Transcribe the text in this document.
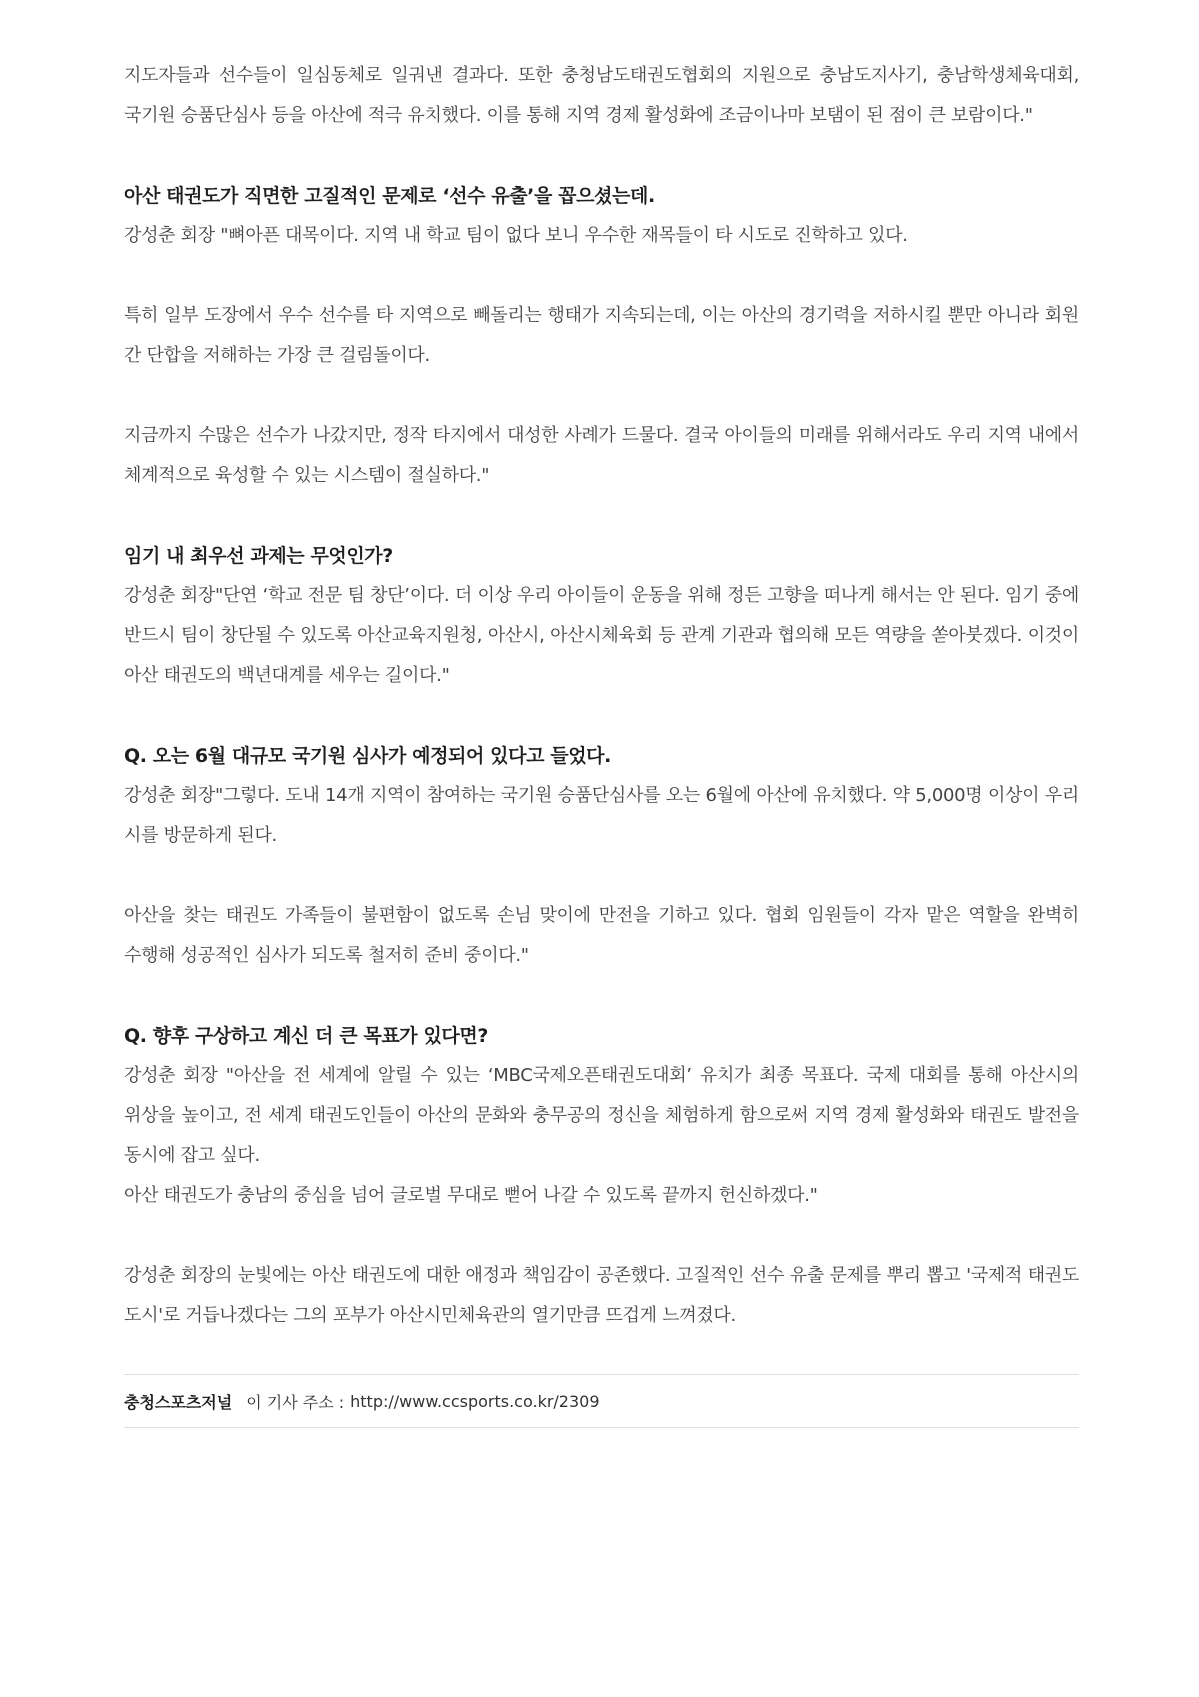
지도자들과 선수들이 일심동체로 일궈낸 결과다. 또한 충청남도태권도협회의 지원으로 충남도지사기, 충남학생체육대회, 국기원 승품단심사 등을 아산에 적극 유치했다. 이를 통해 지역 경제 활성화에 조금이나마 보탬이 된 점이 큰 보람이다."

아산 태권도가 직면한 고질적인 문제로 ‘선수 유출’을 꼽으셨는데.

강성춘 회장 "뼈아픈 대목이다. 지역 내 학교 팀이 없다 보니 우수한 재목들이 타 시도로 진학하고 있다.

특히 일부 도장에서 우수 선수를 타 지역으로 빼돌리는 행태가 지속되는데, 이는 아산의 경기력을 저하시킬 뿐만 아니라 회원 간 단합을 저해하는 가장 큰 걸림돌이다.

지금까지 수많은 선수가 나갔지만, 정작 타지에서 대성한 사례가 드물다. 결국 아이들의 미래를 위해서라도 우리 지역 내에서 체계적으로 육성할 수 있는 시스템이 절실하다."

임기 내 최우선 과제는 무엇인가?

강성춘 회장"단연 ‘학교 전문 팀 창단’이다. 더 이상 우리 아이들이 운동을 위해 정든 고향을 떠나게 해서는 안 된다. 임기 중에 반드시 팀이 창단될 수 있도록 아산교육지원청, 아산시, 아산시체육회 등 관계 기관과 협의해 모든 역량을 쏟아붓겠다. 이것이 아산 태권도의 백년대계를 세우는 길이다."

Q. 오는 6월 대규모 국기원 심사가 예정되어 있다고 들었다.

강성춘 회장"그렇다. 도내 14개 지역이 참여하는 국기원 승품단심사를 오는 6월에 아산에 유치했다. 약 5,000명 이상이 우리 시를 방문하게 된다.

아산을 찾는 태권도 가족들이 불편함이 없도록 손님 맞이에 만전을 기하고 있다. 협회 임원들이 각자 맡은 역할을 완벽히 수행해 성공적인 심사가 되도록 철저히 준비 중이다."

Q. 향후 구상하고 계신 더 큰 목표가 있다면?

강성춘 회장 "아산을 전 세계에 알릴 수 있는 ‘MBC국제오픈태권도대회’ 유치가 최종 목표다. 국제 대회를 통해 아산시의 위상을 높이고, 전 세계 태권도인들이 아산의 문화와 충무공의 정신을 체험하게 함으로써 지역 경제 활성화와 태권도 발전을 동시에 잡고 싶다.

아산 태권도가 충남의 중심을 넘어 글로벌 무대로 뻗어 나갈 수 있도록 끝까지 헌신하겠다."

강성춘 회장의 눈빛에는 아산 태권도에 대한 애정과 책임감이 공존했다. 고질적인 선수 유출 문제를 뿌리 뽑고 '국제적 태권도 도시'로 거듭나겠다는 그의 포부가 아산시민체육관의 열기만큼 뜨겁게 느껴졌다.

충청스포츠저널 이 기사 주소 : http://www.ccsports.co.kr/2309
